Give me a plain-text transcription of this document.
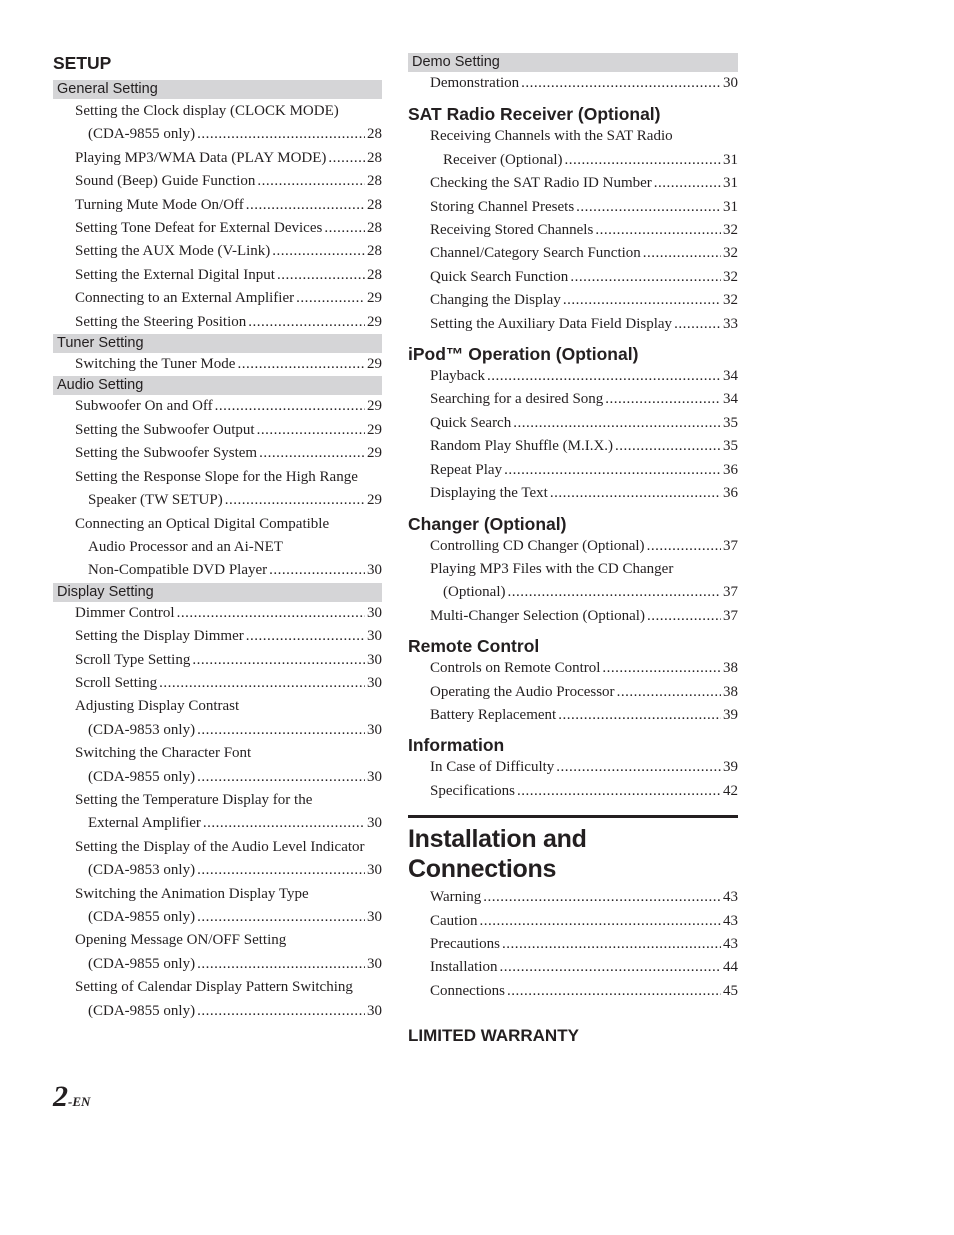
SETUP
General Setting
Setting the Clock display (CLOCK MODE)
(CDA-9855 only) .....	28
Playing MP3/WMA Data (PLAY MODE) .....	28
Sound (Beep) Guide Function .....	28
Turning Mute Mode On/Off .....	28
Setting Tone Defeat for External Devices .....	28
Setting the AUX Mode (V-Link) .....	28
Setting the External Digital Input .....	28
Connecting to an External Amplifier .....	29
Setting the Steering Position .....	29
Tuner Setting
Switching the Tuner Mode .....	29
Audio Setting
Subwoofer On and Off .....	29
Setting the Subwoofer Output .....	29
Setting the Subwoofer System .....	29
Setting the Response Slope for the High Range
Speaker (TW SETUP) .....	29
Connecting an Optical Digital Compatible
Audio Processor and an Ai-NET
Non-Compatible DVD Player .....	30
Display Setting
Dimmer Control .....	30
Setting the Display Dimmer .....	30
Scroll Type Setting .....	30
Scroll Setting .....	30
Adjusting Display Contrast
(CDA-9853 only) .....	30
Switching the Character Font
(CDA-9855 only) .....	30
Setting the Temperature Display for the
External Amplifier .....	30
Setting the Display of the Audio Level Indicator
(CDA-9853 only) .....	30
Switching the Animation Display Type
(CDA-9855 only) .....	30
Opening Message ON/OFF Setting
(CDA-9855 only) .....	30
Setting of Calendar Display Pattern Switching
(CDA-9855 only) .....	30
Demo Setting
Demonstration .....	30
SAT Radio Receiver (Optional)
Receiving Channels with the SAT Radio
Receiver (Optional) .....	31
Checking the SAT Radio ID Number .....	31
Storing Channel Presets .....	31
Receiving Stored Channels .....	32
Channel/Category Search Function .....	32
Quick Search Function .....	32
Changing the Display .....	32
Setting the Auxiliary Data Field Display .....	33
iPod™ Operation (Optional)
Playback .....	34
Searching for a desired Song .....	34
Quick Search .....	35
Random Play Shuffle (M.I.X.) .....	35
Repeat Play .....	36
Displaying the Text .....	36
Changer (Optional)
Controlling CD Changer (Optional) .....	37
Playing MP3 Files with the CD Changer
(Optional) .....	37
Multi-Changer Selection (Optional) .....	37
Remote Control
Controls on Remote Control .....	38
Operating the Audio Processor .....	38
Battery Replacement .....	39
Information
In Case of Difficulty .....	39
Specifications .....	42
Installation and Connections
Warning .....	43
Caution .....	43
Precautions .....	43
Installation .....	44
Connections .....	45
LIMITED WARRANTY
2-EN
